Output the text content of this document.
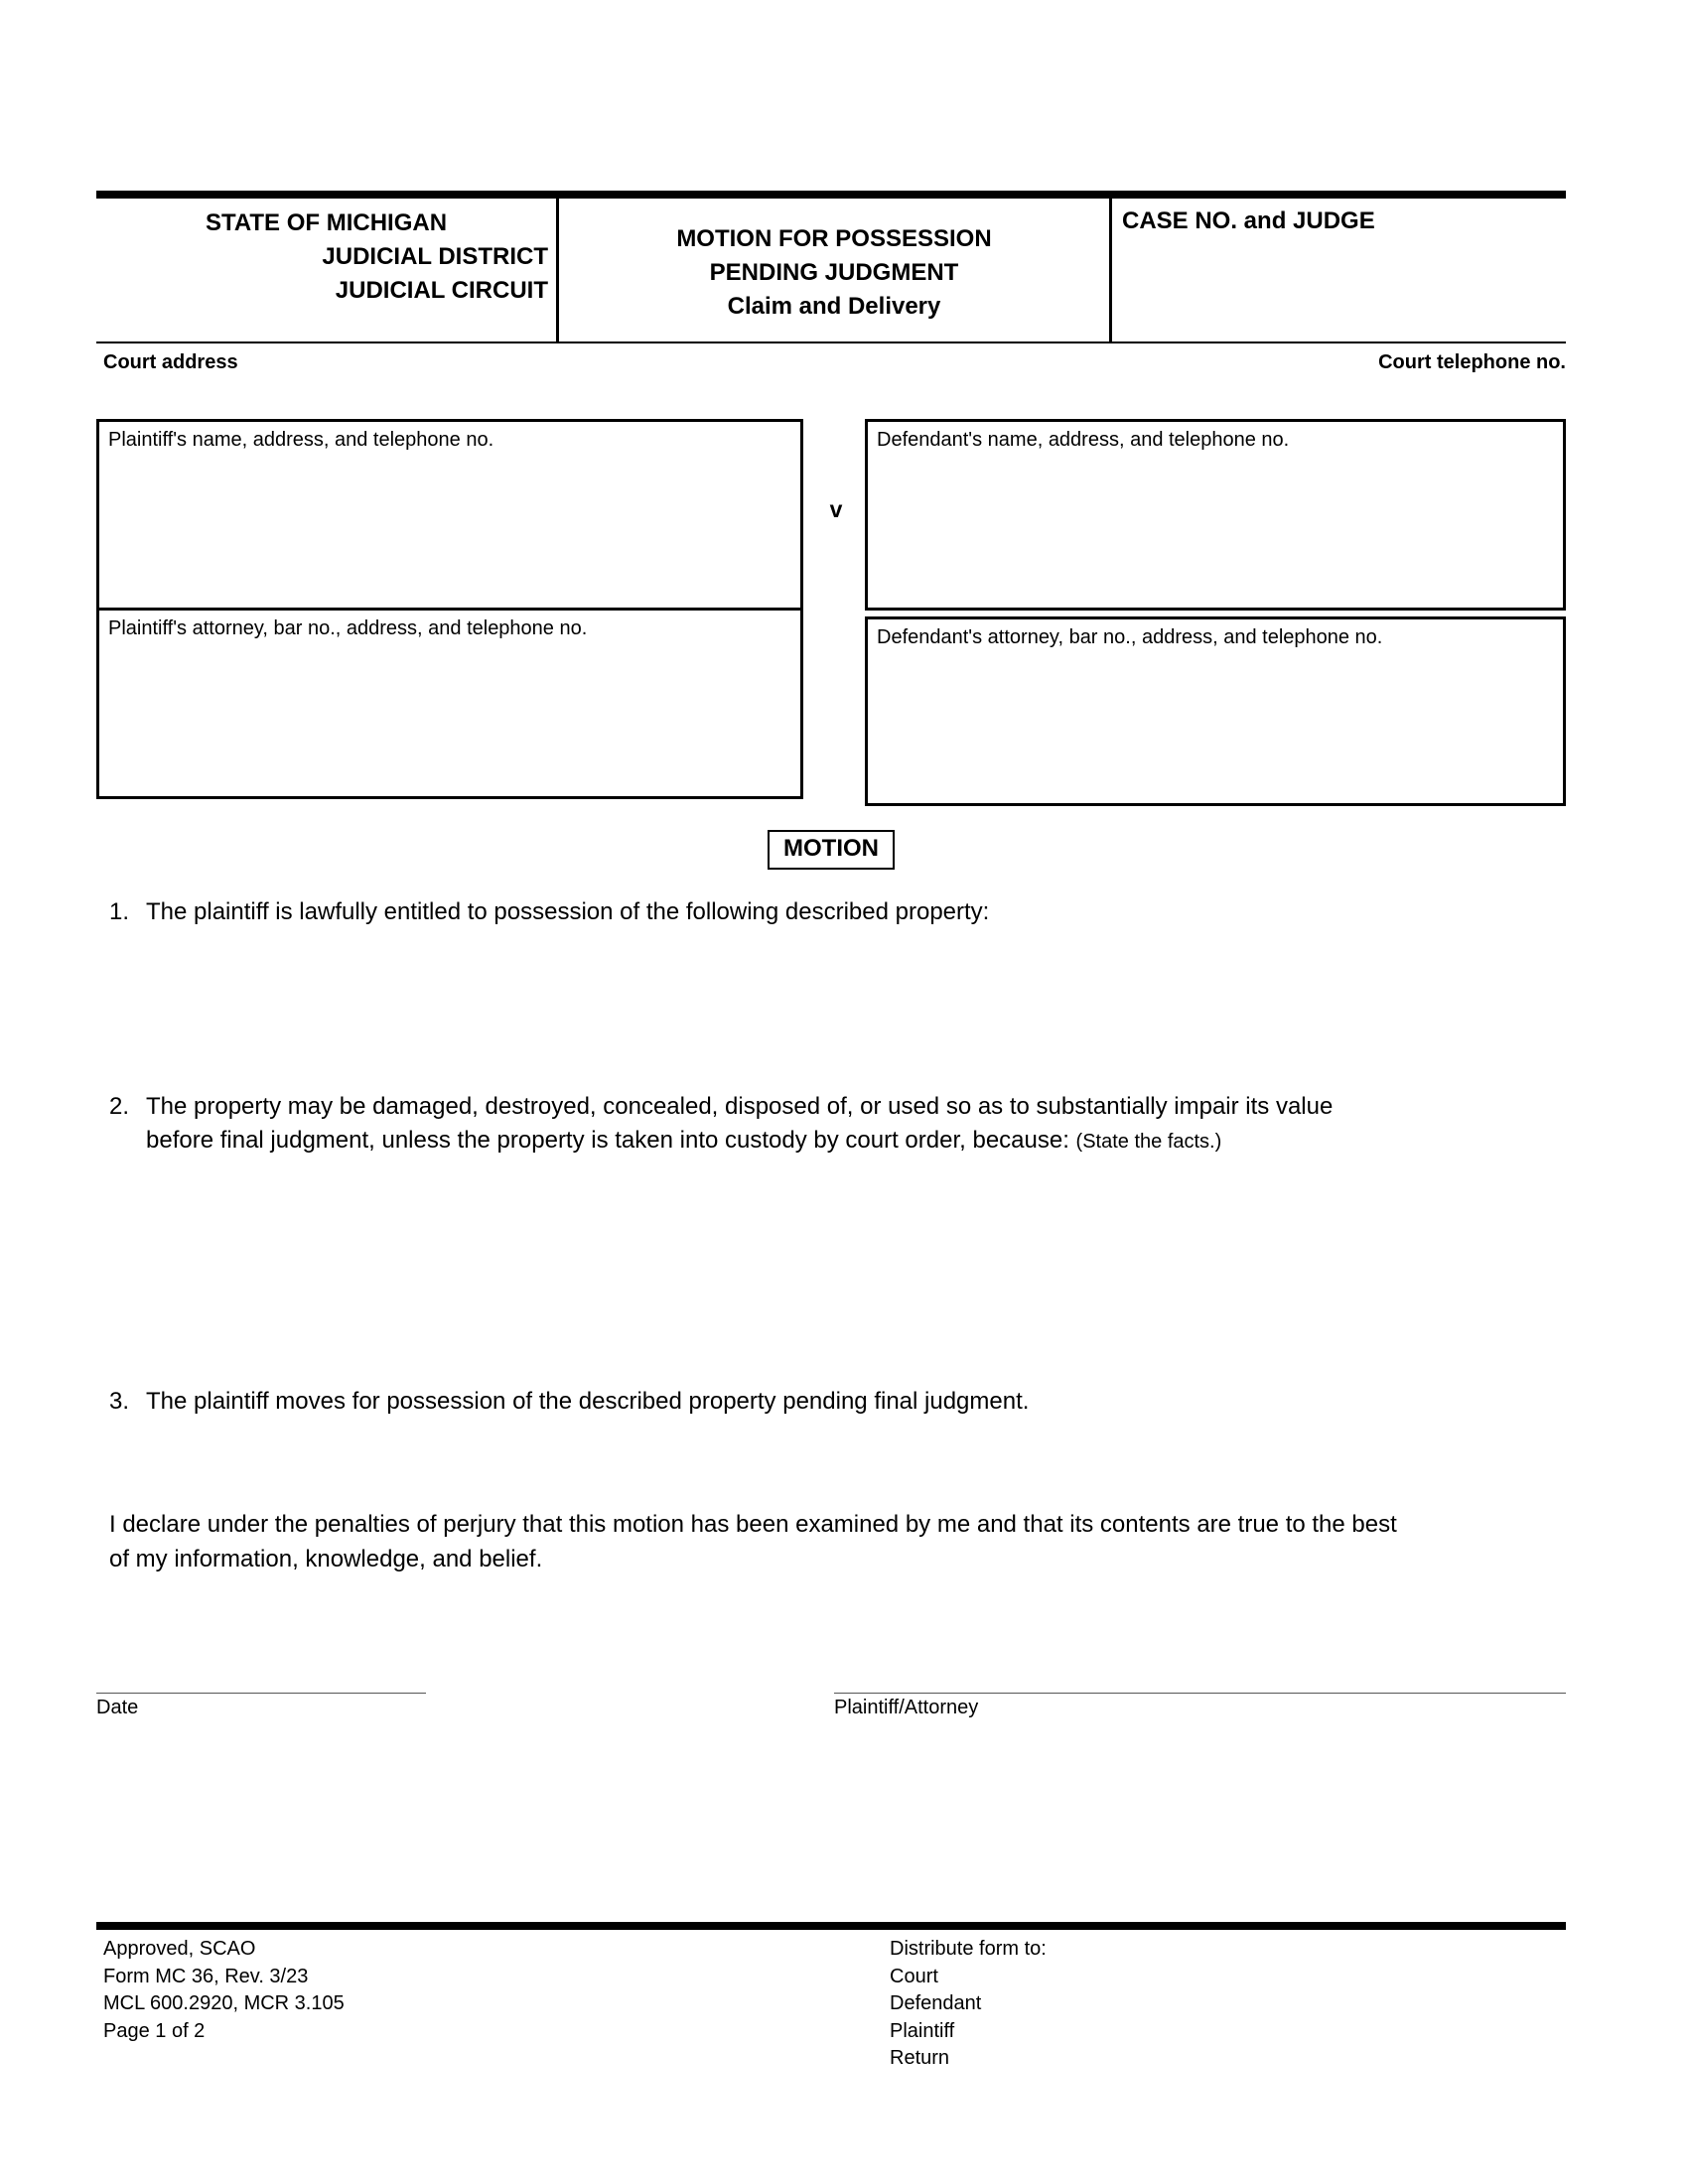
STATE OF MICHIGAN
JUDICIAL DISTRICT
JUDICIAL CIRCUIT
MOTION FOR POSSESSION
PENDING JUDGMENT
Claim and Delivery
CASE NO. and JUDGE
Court address	Court telephone no.
Plaintiff's name, address, and telephone no.
Plaintiff's attorney, bar no., address, and telephone no.
v
Defendant's name, address, and telephone no.
Defendant's attorney, bar no., address, and telephone no.
MOTION
1. The plaintiff is lawfully entitled to possession of the following described property:
2. The property may be damaged, destroyed, concealed, disposed of, or used so as to substantially impair its value
before final judgment, unless the property is taken into custody by court order, because: (State the facts.)
3. The plaintiff moves for possession of the described property pending final judgment.
I declare under the penalties of perjury that this motion has been examined by me and that its contents are true to the best
of my information, knowledge, and belief.
Date	Plaintiff/Attorney
Approved, SCAO
Form MC 36, Rev. 3/23
MCL 600.2920, MCR 3.105
Page 1 of 2
Distribute form to:
Court
Defendant
Plaintiff
Return
